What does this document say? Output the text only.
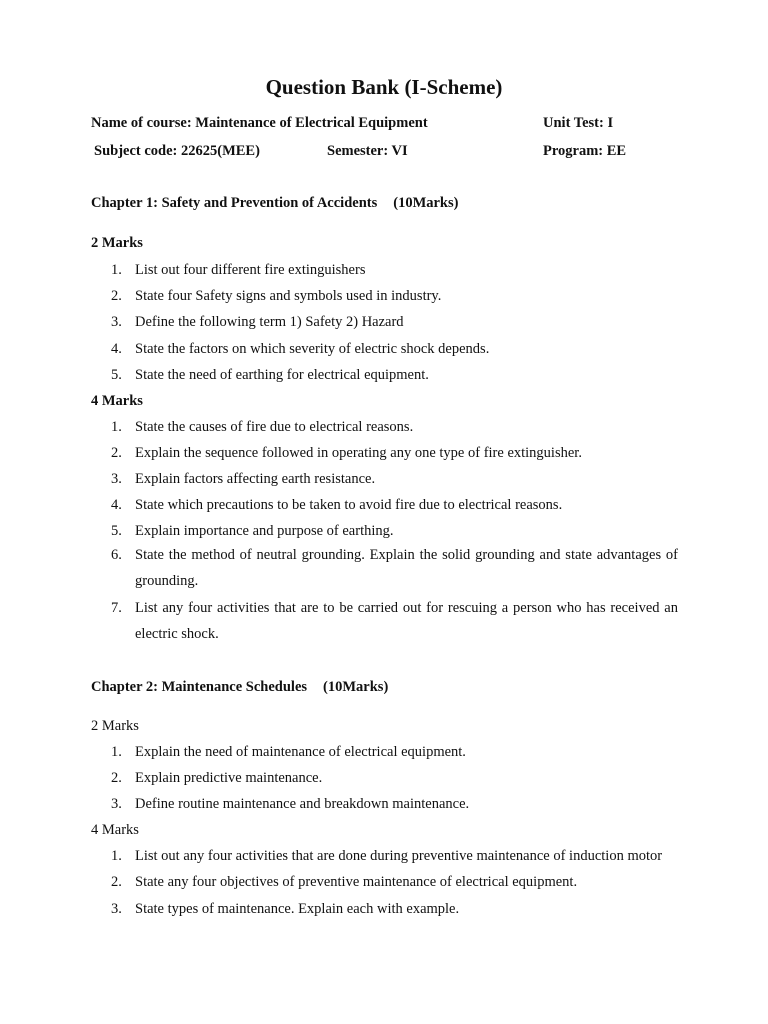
Question Bank (I-Scheme)
Name of course: Maintenance of Electrical Equipment	Unit Test: I
Subject code: 22625(MEE)	Semester: VI	Program: EE
Chapter 1: Safety and Prevention of Accidents (10Marks)
2 Marks
1. List out four different fire extinguishers
2. State four Safety signs and symbols used in industry.
3. Define the following term 1) Safety 2) Hazard
4. State the factors on which severity of electric shock depends.
5. State the need of earthing for electrical equipment.
4 Marks
1. State the causes of fire due to electrical reasons.
2. Explain the sequence followed in operating any one type of fire extinguisher.
3. Explain factors affecting earth resistance.
4. State which precautions to be taken to avoid fire due to electrical reasons.
5. Explain importance and purpose of earthing.
6. State the method of neutral grounding. Explain the solid grounding and state advantages of grounding.
7. List any four activities that are to be carried out for rescuing a person who has received an electric shock.
Chapter 2: Maintenance Schedules (10Marks)
2 Marks
1. Explain the need of maintenance of electrical equipment.
2. Explain predictive maintenance.
3. Define routine maintenance and breakdown maintenance.
4 Marks
1. List out any four activities that are done during preventive maintenance of induction motor
2. State any four objectives of preventive maintenance of electrical equipment.
3. State types of maintenance. Explain each with example.
